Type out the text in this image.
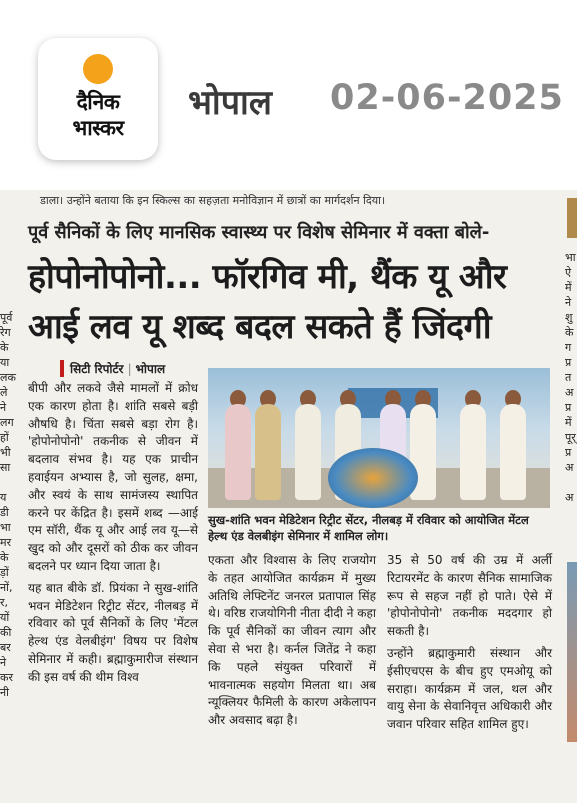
दैनिक
भास्कर
भोपाल 02-06-2025
डाला। उन्होंने बताया कि इन स्किल्स का सहज़ता मनोविज्ञान में छात्रों का मार्गदर्शन दिया।
पूर्व
रेग
के
या
लक
ले
ने
लग
हों
भी
सा

य
डी
भा
मर
के
ड़ों
नों,
र,
यों
की
बर
ने
कर
नी
भा
ऐ
में
ने
शु
के
ग
प्र
त
अ
प्र
में
पूर्
प्र
अ

अ
पूर्व सैनिकों के लिए मानसिक स्वास्थ्य पर विशेष सेमिनार में वक्ता बोले-
होपोनोपोनो... फॉरगिव मी, थैंक यू और
आई लव यू शब्द बदल सकते हैं जिंदगी
सिटी रिपोर्टर | भोपाल

बीपी और लकवे जैसे मामलों में क्रोध एक कारण होता है। शांति सबसे बड़ी औषधि है। चिंता सबसे बड़ा रोग है। 'होपोनोपोनो' तकनीक से जीवन में बदलाव संभव है। यह एक प्राचीन हवाईयन अभ्यास है, जो सुलह, क्षमा, और स्वयं के साथ सामंजस्य स्थापित करने पर केंद्रित है। इसमें शब्द —आई एम सॉरी, थैंक यू और आई लव यू—से खुद को और दूसरों को ठीक कर जीवन बदलने पर ध्यान दिया जाता है।

यह बात बीके डॉ. प्रियंका ने सुख-शांति भवन मेडिटेशन रिट्रीट सेंटर, नीलबड़ में रविवार को पूर्व सैनिकों के लिए 'मेंटल हेल्थ एंड वेलबीइंग' विषय पर विशेष सेमिनार में कही। ब्रह्माकुमारीज संस्थान की इस वर्ष की थीम विश्व

सुख-शांति भवन मेडिटेशन रिट्रीट सेंटर, नीलबड़ में रविवार को आयोजित मेंटल हेल्थ एंड वेलबीइंग सेमिनार में शामिल लोग।

एकता और विश्वास के लिए राजयोग के तहत आयोजित कार्यक्रम में मुख्य अतिथि लेफ्टिनेंट जनरल प्रतापाल सिंह थे। वरिष्ठ राजयोगिनी नीता दीदी ने कहा कि पूर्व सैनिकों का जीवन त्याग और सेवा से भरा है। कर्नल जितेंद्र ने कहा कि पहले संयुक्त परिवारों में भावनात्मक सहयोग मिलता था। अब न्यूक्लियर फैमिली के कारण अकेलापन और अवसाद बढ़ा है।

35 से 50 वर्ष की उम्र में अर्ली रिटायरमेंट के कारण सैनिक सामाजिक रूप से सहज नहीं हो पाते। ऐसे में 'होपोनोपोनो' तकनीक मददगार हो सकती है।

उन्होंने ब्रह्माकुमारी संस्थान और ईसीएचएस के बीच हुए एमओयू को सराहा। कार्यक्रम में जल, थल और वायु सेना के सेवानिवृत्त अधिकारी और जवान परिवार सहित शामिल हुए।
